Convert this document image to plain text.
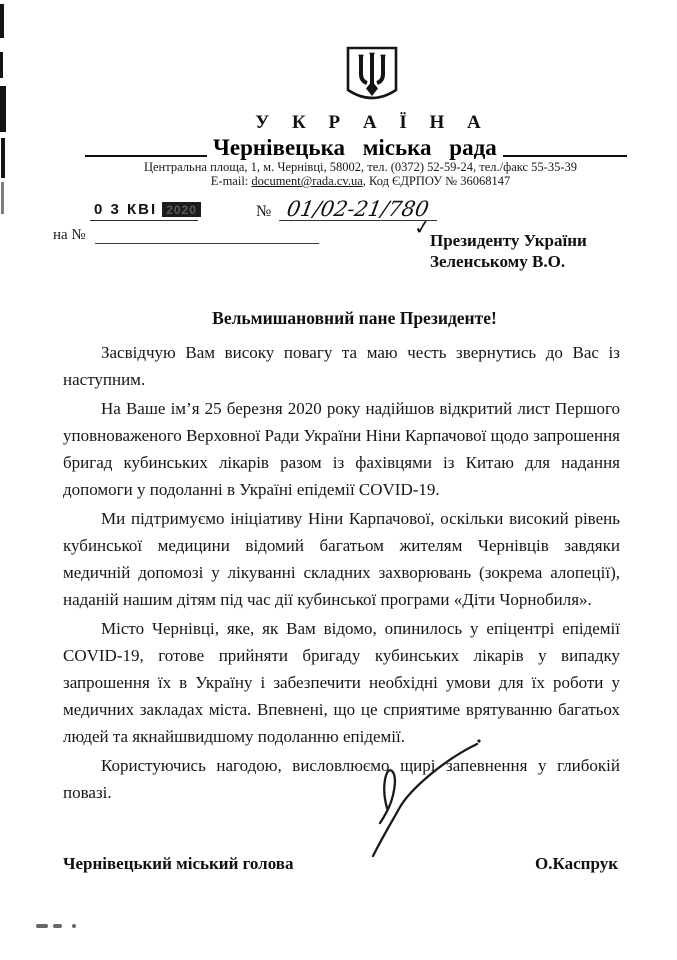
У К Р А Ї Н А
Чернівецька міська рада
Центральна площа, 1, м. Чернівці, 58002, тел. (0372) 52-59-24, тел./факс 55-35-39
E-mail: document@rada.cv.ua, Код ЄДРПОУ № 36068147
0 3 КВІ 2020	№ 01/02-21/780
на №	✓
Президенту України
Зеленському В.О.
Вельмишановний пане Президенте!

Засвідчую Вам високу повагу та маю честь звернутись до Вас із наступним.

На Ваше ім’я 25 березня 2020 року надійшов відкритий лист Першого уповноваженого Верховної Ради України Ніни Карпачової щодо запрошення бригад кубинських лікарів разом із фахівцями із Китаю для надання допомоги у подоланні в Україні епідемії COVID-19.

Ми підтримуємо ініціативу Ніни Карпачової, оскільки високий рівень кубинської медицини відомий багатьом жителям Чернівців завдяки медичній допомозі у лікуванні складних захворювань (зокрема алопеції), наданій нашим дітям під час дії кубинської програми «Діти Чорнобиля».

Місто Чернівці, яке, як Вам відомо, опинилось у епіцентрі епідемії COVID-19, готове прийняти бригаду кубинських лікарів у випадку запрошення їх в Україну і забезпечити необхідні умови для їх роботи у медичних закладах міста. Впевнені, що це сприятиме врятуванню багатьох людей та якнайшвидшому подоланню епідемії.

Користуючись нагодою, висловлюємо щирі запевнення у глибокій повазі.

Чернівецький міський голова	О.Каспрук
